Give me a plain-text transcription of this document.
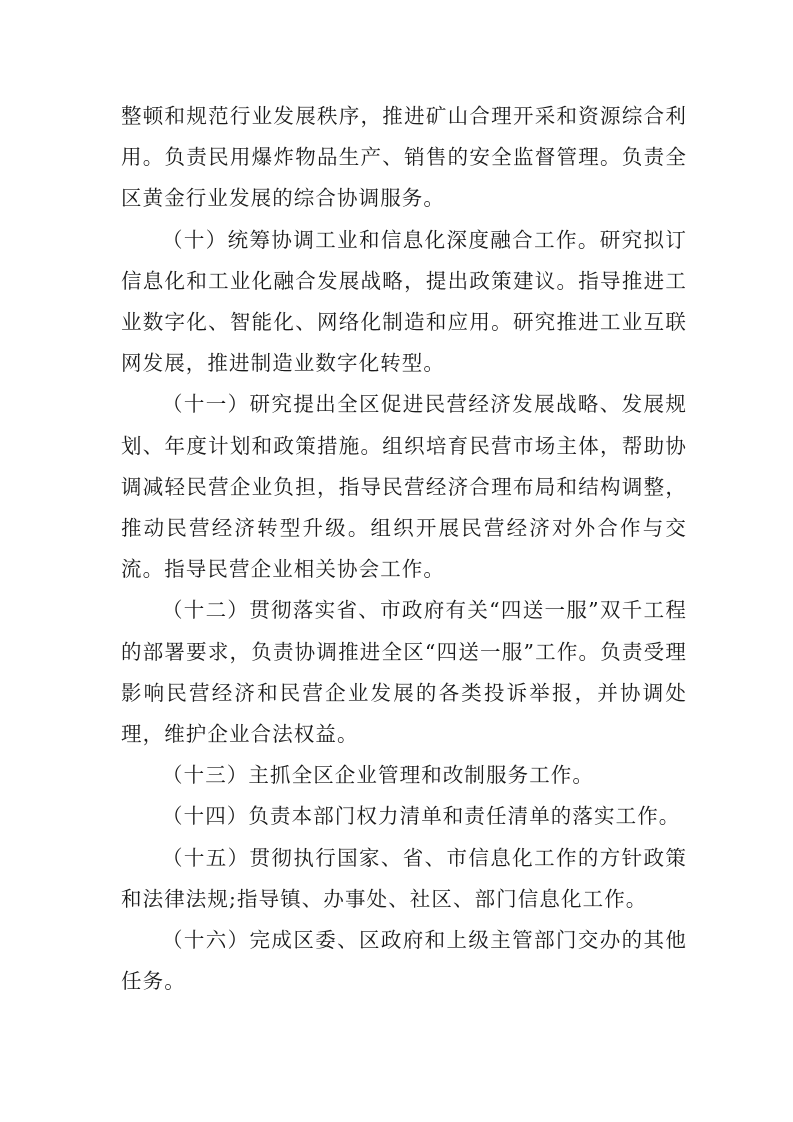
整顿和规范行业发展秩序，推进矿山合理开采和资源综合利用。负责民用爆炸物品生产、销售的安全监督管理。负责全区黄金行业发展的综合协调服务。

（十）统筹协调工业和信息化深度融合工作。研究拟订信息化和工业化融合发展战略，提出政策建议。指导推进工业数字化、智能化、网络化制造和应用。研究推进工业互联网发展，推进制造业数字化转型。

（十一）研究提出全区促进民营经济发展战略、发展规划、年度计划和政策措施。组织培育民营市场主体，帮助协调减轻民营企业负担，指导民营经济合理布局和结构调整，推动民营经济转型升级。组织开展民营经济对外合作与交流。指导民营企业相关协会工作。

（十二）贯彻落实省、市政府有关“四送一服”双千工程的部署要求，负责协调推进全区“四送一服”工作。负责受理影响民营经济和民营企业发展的各类投诉举报，并协调处理，维护企业合法权益。

（十三）主抓全区企业管理和改制服务工作。

（十四）负责本部门权力清单和责任清单的落实工作。

（十五）贯彻执行国家、省、市信息化工作的方针政策和法律法规;指导镇、办事处、社区、部门信息化工作。

（十六）完成区委、区政府和上级主管部门交办的其他任务。
